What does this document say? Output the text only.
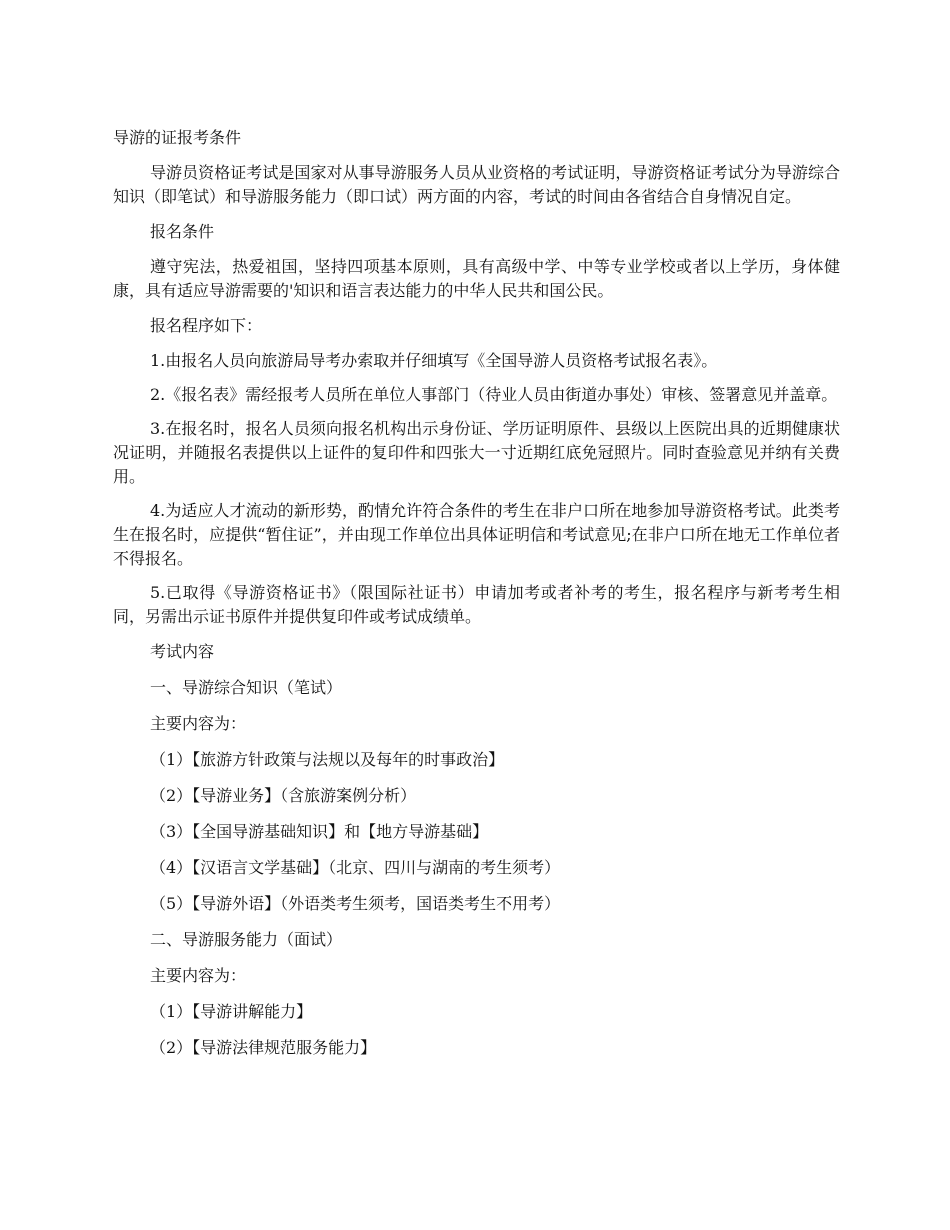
导游的证报考条件

导游员资格证考试是国家对从事导游服务人员从业资格的考试证明，导游资格证考试分为导游综合知识（即笔试）和导游服务能力（即口试）两方面的内容，考试的时间由各省结合自身情况自定。

报名条件

遵守宪法，热爱祖国，坚持四项基本原则，具有高级中学、中等专业学校或者以上学历，身体健康，具有适应导游需要的'知识和语言表达能力的中华人民共和国公民。

报名程序如下：

1.由报名人员向旅游局导考办索取并仔细填写《全国导游人员资格考试报名表》。

2.《报名表》需经报考人员所在单位人事部门（待业人员由街道办事处）审核、签署意见并盖章。

3.在报名时，报名人员须向报名机构出示身份证、学历证明原件、县级以上医院出具的近期健康状况证明，并随报名表提供以上证件的复印件和四张大一寸近期红底免冠照片。同时查验意见并纳有关费用。

4.为适应人才流动的新形势，酌情允许符合条件的考生在非户口所在地参加导游资格考试。此类考生在报名时，应提供“暂住证”，并由现工作单位出具体证明信和考试意见;在非户口所在地无工作单位者不得报名。

5.已取得《导游资格证书》（限国际社证书）申请加考或者补考的考生，报名程序与新考考生相同，另需出示证书原件并提供复印件或考试成绩单。

考试内容

一、导游综合知识（笔试）

主要内容为：

（1）【旅游方针政策与法规以及每年的时事政治】
（2）【导游业务】（含旅游案例分析）
（3）【全国导游基础知识】和【地方导游基础】
（4）【汉语言文学基础】（北京、四川与湖南的考生须考）
（5）【导游外语】（外语类考生须考，国语类考生不用考）

二、导游服务能力（面试）

主要内容为：

（1）【导游讲解能力】
（2）【导游法律规范服务能力】
